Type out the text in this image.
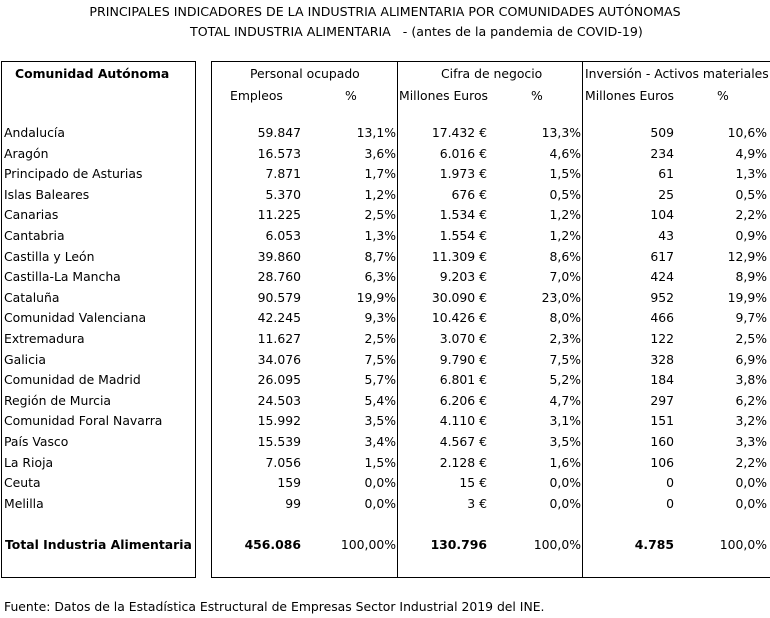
PRINCIPALES INDICADORES DE LA INDUSTRIA ALIMENTARIA POR COMUNIDADES AUTÓNOMAS
TOTAL INDUSTRIA ALIMENTARIA   - (antes de la pandemia de COVID-19)
Comunidad Autónoma	Personal ocupado	Cifra de negocio	Inversión - Activos materiales
Empleos	%	Millones Euros	%	Millones Euros	%
Andalucía	59.847	13,1%	17.432 €	13,3%	509	10,6%
Aragón	16.573	3,6%	6.016 €	4,6%	234	4,9%
Principado de Asturias	7.871	1,7%	1.973 €	1,5%	61	1,3%
Islas Baleares	5.370	1,2%	676 €	0,5%	25	0,5%
Canarias	11.225	2,5%	1.534 €	1,2%	104	2,2%
Cantabria	6.053	1,3%	1.554 €	1,2%	43	0,9%
Castilla y León	39.860	8,7%	11.309 €	8,6%	617	12,9%
Castilla-La Mancha	28.760	6,3%	9.203 €	7,0%	424	8,9%
Cataluña	90.579	19,9%	30.090 €	23,0%	952	19,9%
Comunidad Valenciana	42.245	9,3%	10.426 €	8,0%	466	9,7%
Extremadura	11.627	2,5%	3.070 €	2,3%	122	2,5%
Galicia	34.076	7,5%	9.790 €	7,5%	328	6,9%
Comunidad de Madrid	26.095	5,7%	6.801 €	5,2%	184	3,8%
Región de Murcia	24.503	5,4%	6.206 €	4,7%	297	6,2%
Comunidad Foral Navarra	15.992	3,5%	4.110 €	3,1%	151	3,2%
País Vasco	15.539	3,4%	4.567 €	3,5%	160	3,3%
La Rioja	7.056	1,5%	2.128 €	1,6%	106	2,2%
Ceuta	159	0,0%	15 €	0,0%	0	0,0%
Melilla	99	0,0%	3 €	0,0%	0	0,0%
Total Industria Alimentaria	456.086	100,00%	130.796	100,0%	4.785	100,0%
Fuente: Datos de la Estadística Estructural de Empresas Sector Industrial 2019 del INE.
